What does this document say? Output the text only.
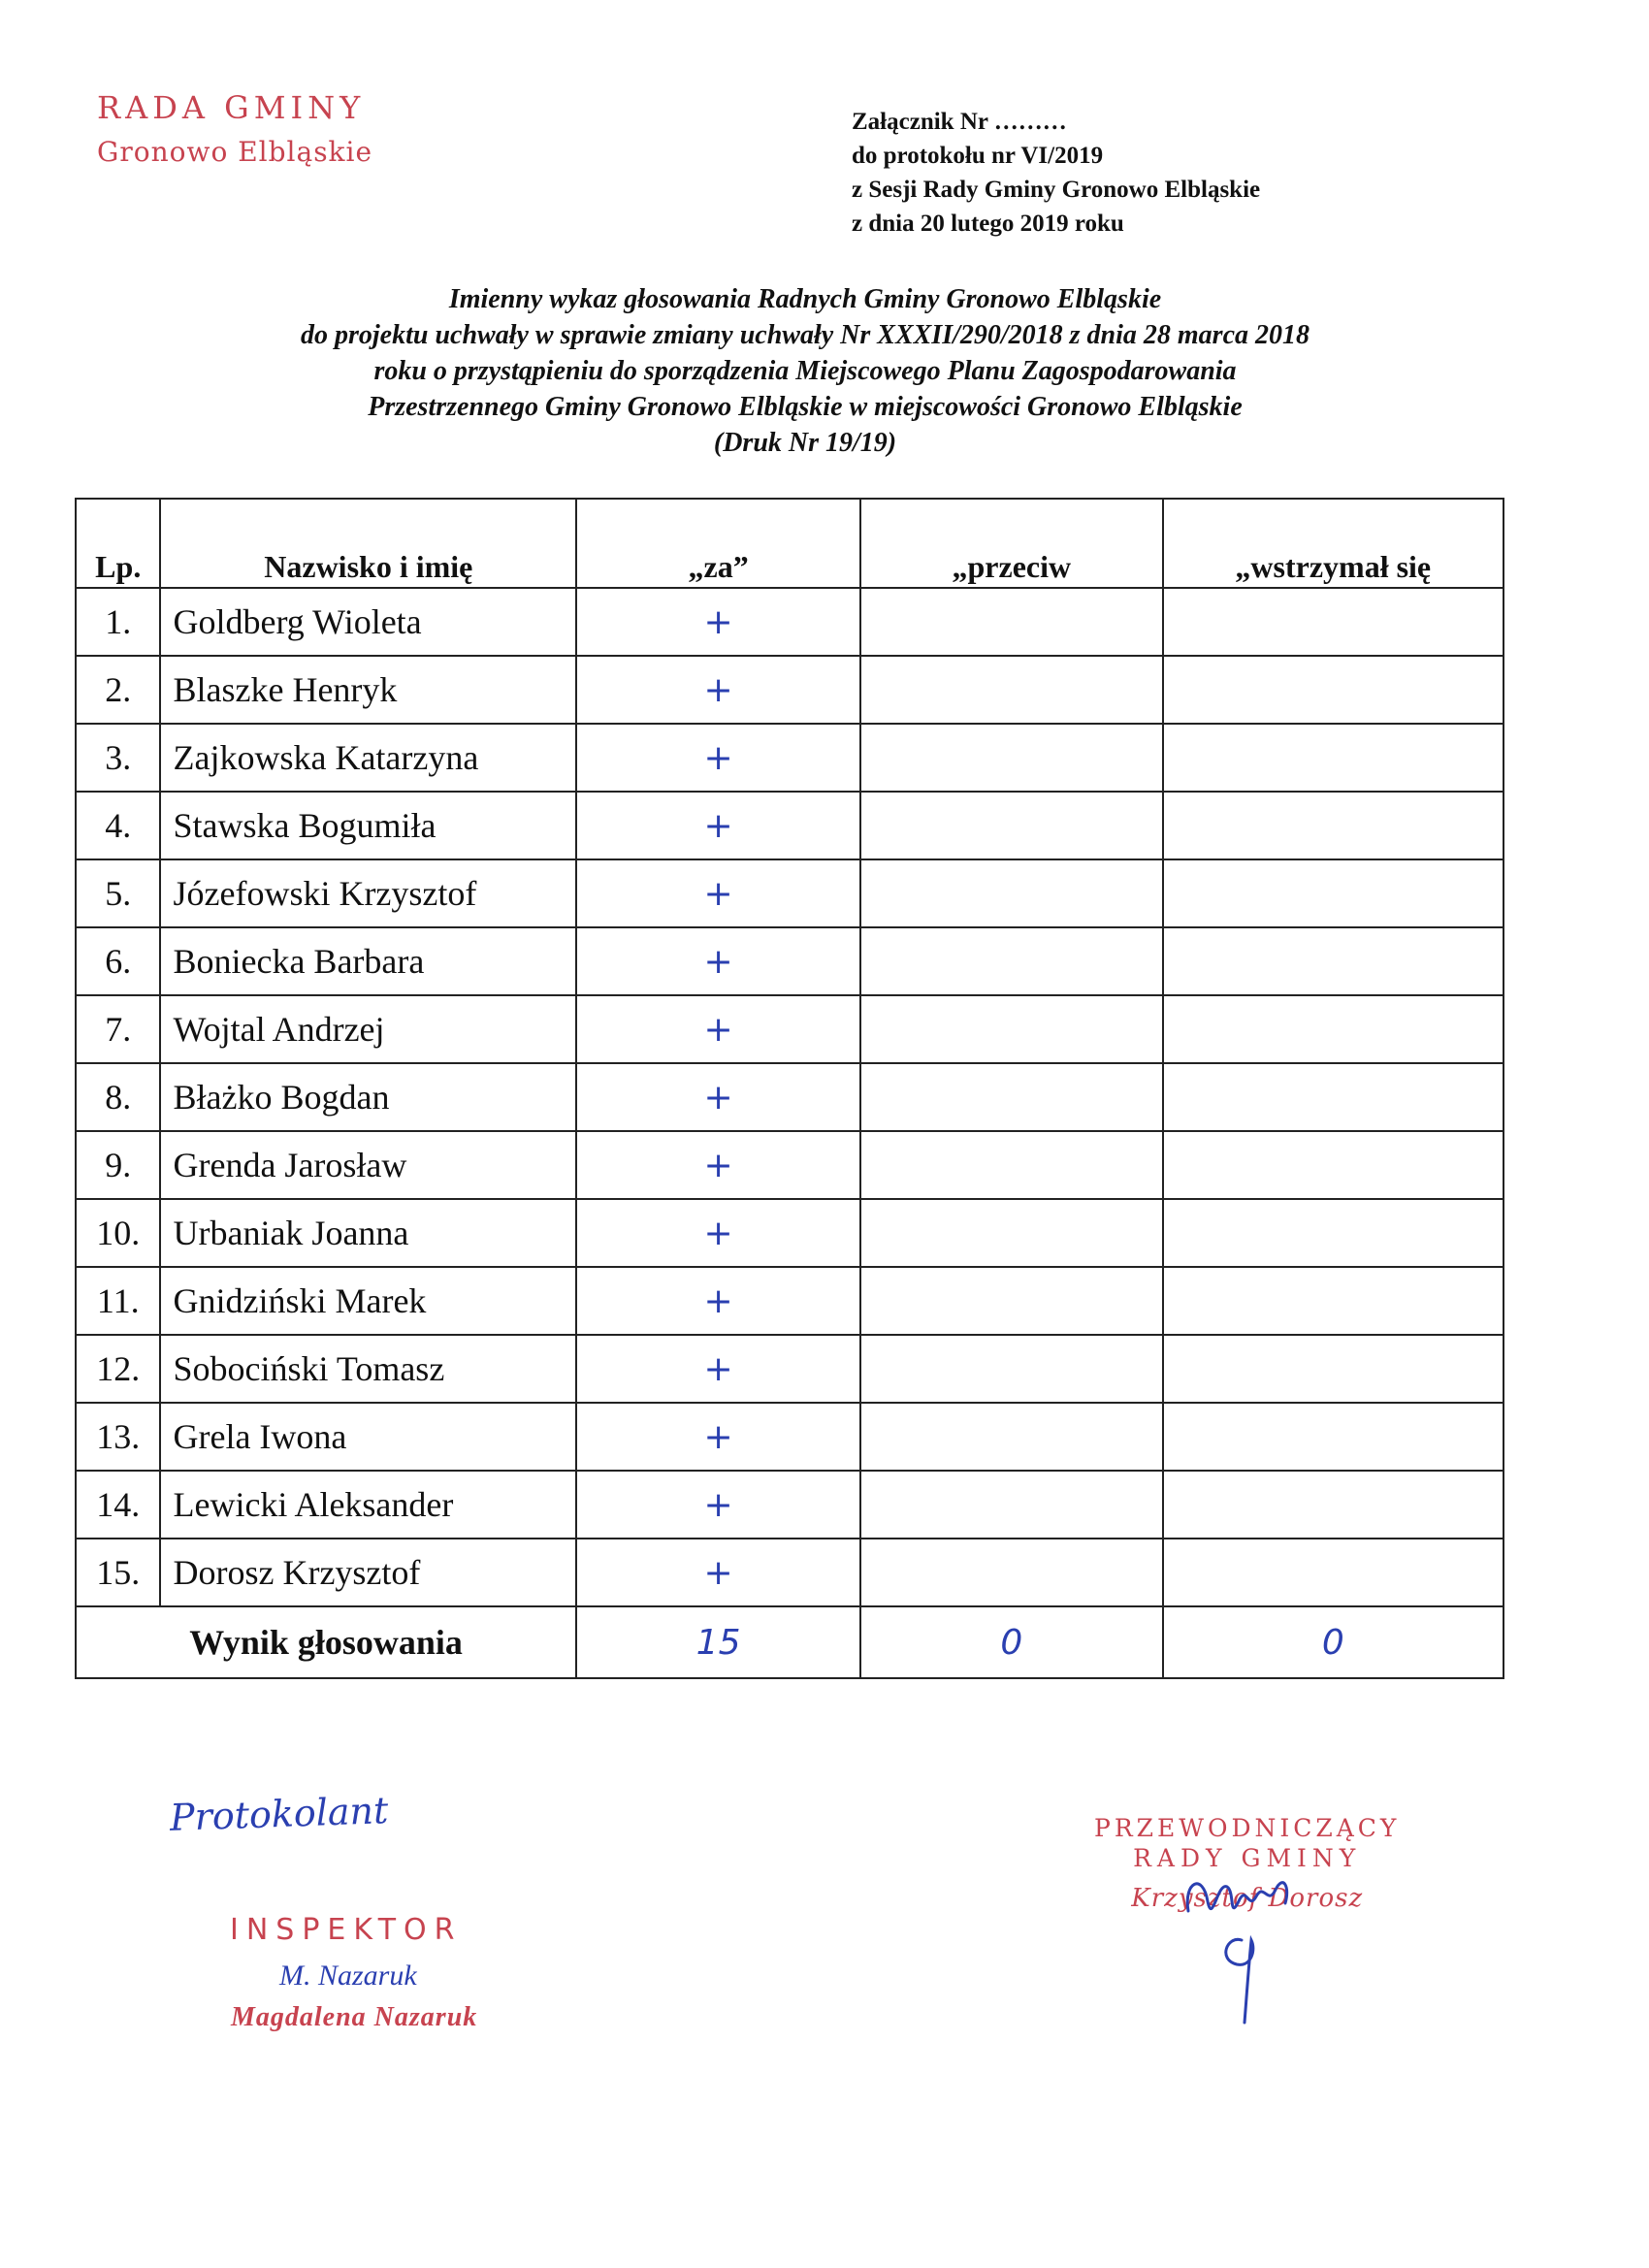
RADA GMINY
Gronowo Elbląskie
Załącznik Nr ………
do protokołu nr VI/2019
z Sesji Rady Gminy Gronowo Elbląskie
z dnia 20 lutego 2019 roku
Imienny wykaz głosowania Radnych Gminy Gronowo Elbląskie
do projektu uchwały w sprawie zmiany uchwały Nr XXXII/290/2018 z dnia 28 marca 2018
roku o przystąpieniu do sporządzenia Miejscowego Planu Zagospodarowania
Przestrzennego Gminy Gronowo Elbląskie w miejscowości Gronowo Elbląskie
(Druk Nr 19/19)
Lp.	Nazwisko i imię	„za”	„przeciw	„wstrzymał się
1.	Goldberg Wioleta	+		
2.	Blaszke Henryk	+		
3.	Zajkowska Katarzyna	+		
4.	Stawska Bogumiła	+		
5.	Józefowski Krzysztof	+		
6.	Boniecka Barbara	+		
7.	Wojtal Andrzej	+		
8.	Błażko Bogdan	+		
9.	Grenda Jarosław	+		
10.	Urbaniak Joanna	+		
11.	Gnidziński Marek	+		
12.	Sobociński Tomasz	+		
13.	Grela Iwona	+		
14.	Lewicki Aleksander	+		
15.	Dorosz Krzysztof	+		
Wynik głosowania		15	0	0
Protokolant
INSPEKTOR
M. Nazaruk
Magdalena Nazaruk
PRZEWODNICZĄCY
RADY GMINY
Krzysztof Dorosz
